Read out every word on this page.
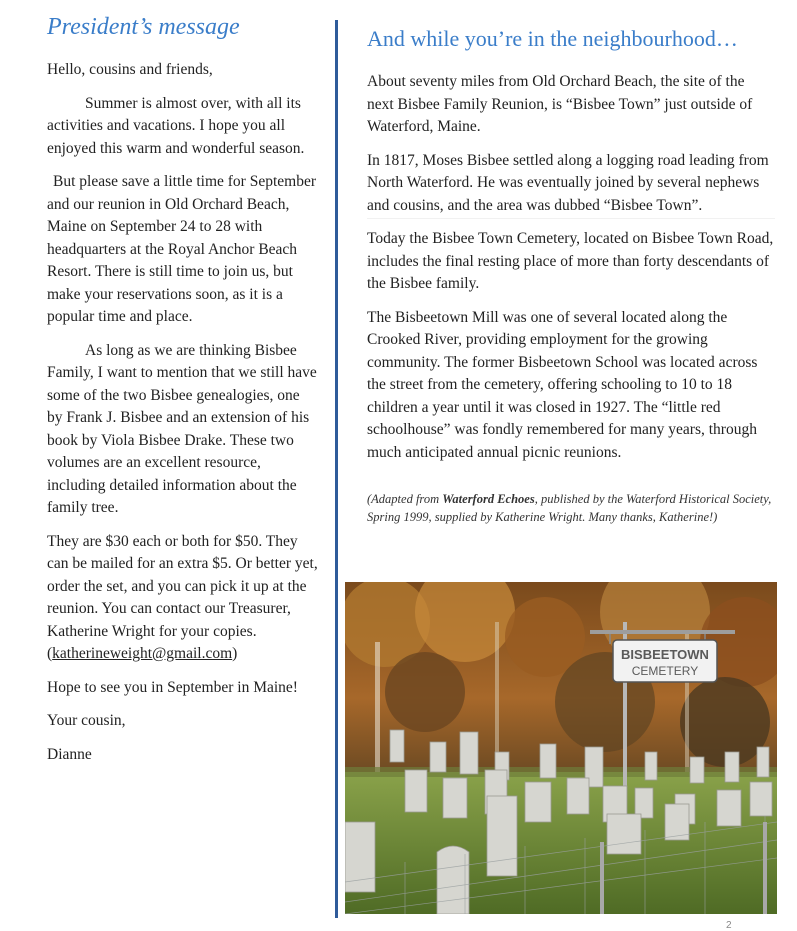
President’s message

Hello, cousins and friends,

Summer is almost over, with all its activities and vacations. I hope you all enjoyed this warm and wonderful season.

But please save a little time for September and our reunion in Old Orchard Beach, Maine on September 24 to 28 with headquarters at the Royal Anchor Beach Resort. There is still time to join us, but make your reservations soon, as it is a popular time and place.

As long as we are thinking Bisbee Family, I want to mention that we still have some of the two Bisbee genealogies, one by Frank J. Bisbee and an extension of his book by Viola Bisbee Drake. These two volumes are an excellent resource, including detailed information about the family tree.

They are $30 each or both for $50. They can be mailed for an extra $5. Or better yet, order the set, and you can pick it up at the reunion. You can contact our Treasurer, Katherine Wright for your copies.
(katherineweight@gmail.com)

Hope to see you in September in Maine!

Your cousin,

Dianne

And while you’re in the neighbourhood…

About seventy miles from Old Orchard Beach, the site of the next Bisbee Family Reunion, is “Bisbee Town” just outside of Waterford, Maine.

In 1817, Moses Bisbee settled along a logging road leading from North Waterford. He was eventually joined by several nephews and cousins, and the area was dubbed “Bisbee Town”.

Today the Bisbee Town Cemetery, located on Bisbee Town Road, includes the final resting place of more than forty descendants of the Bisbee family.

The Bisbeetown Mill was one of several located along the Crooked River, providing employment for the growing community. The former Bisbeetown School was located across the street from the cemetery, offering schooling to 10 to 18 children a year until it was closed in 1927. The “little red schoolhouse” was fondly remembered for many years, through much anticipated annual picnic reunions.

(Adapted from Waterford Echoes, published by the Waterford Historical Society, Spring 1999, supplied by Katherine Wright. Many thanks, Katherine!)

BISBEETOWN
CEMETERY
2
